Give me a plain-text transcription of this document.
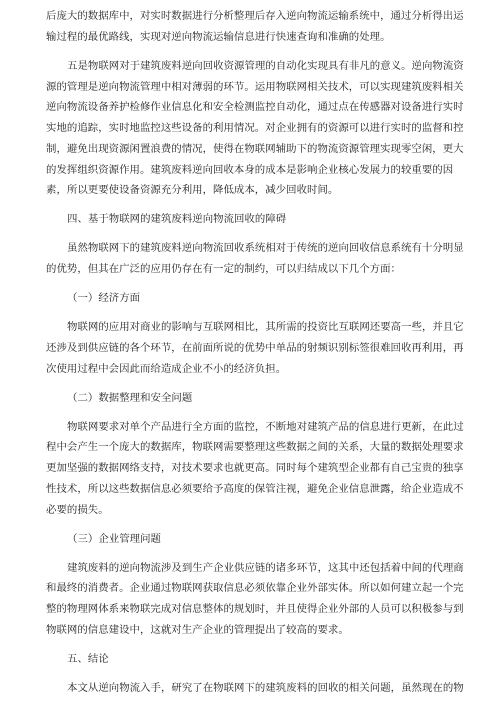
后庞大的数据库中，对实时数据进行分析整理后存入逆向物流运输系统中，通过分析得出运
输过程的最优路线，实现对逆向物流运输信息进行快速查询和准确的处理。
五是物联网对于建筑废料逆向回收资源管理的自动化实现具有非凡的意义。逆向物流资
源的管理是逆向物流管理中相对薄弱的环节。运用物联网相关技术，可以实现建筑废料相关
逆向物流设备养护检修作业信息化和安全检测监控自动化，通过点在传感器对设备进行实时
实地的追踪，实时地监控这些设备的利用情况。对企业拥有的资源可以进行实时的监督和控
制，避免出现资源闲置浪费的情况，使得在物联网辅助下的物流资源管理实现零空闲，更大
的发挥组织资源作用。建筑废料逆向回收本身的成本是影响企业核心发展力的较重要的因
素，所以更要使设备资源充分利用，降低成本，减少回收时间。
四、基于物联网的建筑废料逆向物流回收的障碍
虽然物联网下的建筑废料逆向物流回收系统相对于传统的逆向回收信息系统有十分明显
的优势，但其在广泛的应用仍存在有一定的制约，可以归结成以下几个方面：
（一）经济方面
物联网的应用对商业的影响与互联网相比，其所需的投资比互联网还要高一些，并且它
还涉及到供应链的各个环节，在前面所说的优势中单品的射频识别标签很难回收再利用，再
次使用过程中会因此而给造成企业不小的经济负担。
（二）数据整理和安全问题
物联网要求对单个产品进行全方面的监控，不断地对建筑产品的信息进行更新，在此过
程中会产生一个庞大的数据库，物联网需要整理这些数据之间的关系，大量的数据处理要求
更加坚强的数据网络支持，对技术要求也就更高。同时每个建筑型企业都有自己宝贵的独享
性技术，所以这些数据信息必须要给予高度的保管注视，避免企业信息泄露，给企业造成不
必要的损失。
（三）企业管理问题
建筑废料的逆向物流涉及到生产企业供应链的诸多环节，这其中还包括着中间的代理商
和最终的消费者。企业通过物联网获取信息必须依靠企业外部实体。所以如何建立起一个完
整的物理网体系来物联完成对信息整体的规划时，并且使得企业外部的人员可以积极参与到
物联网的信息建设中，这就对生产企业的管理提出了较高的要求。
五、结论
本文从逆向物流入手，研究了在物联网下的建筑废料的回收的相关问题，虽然现在的物
